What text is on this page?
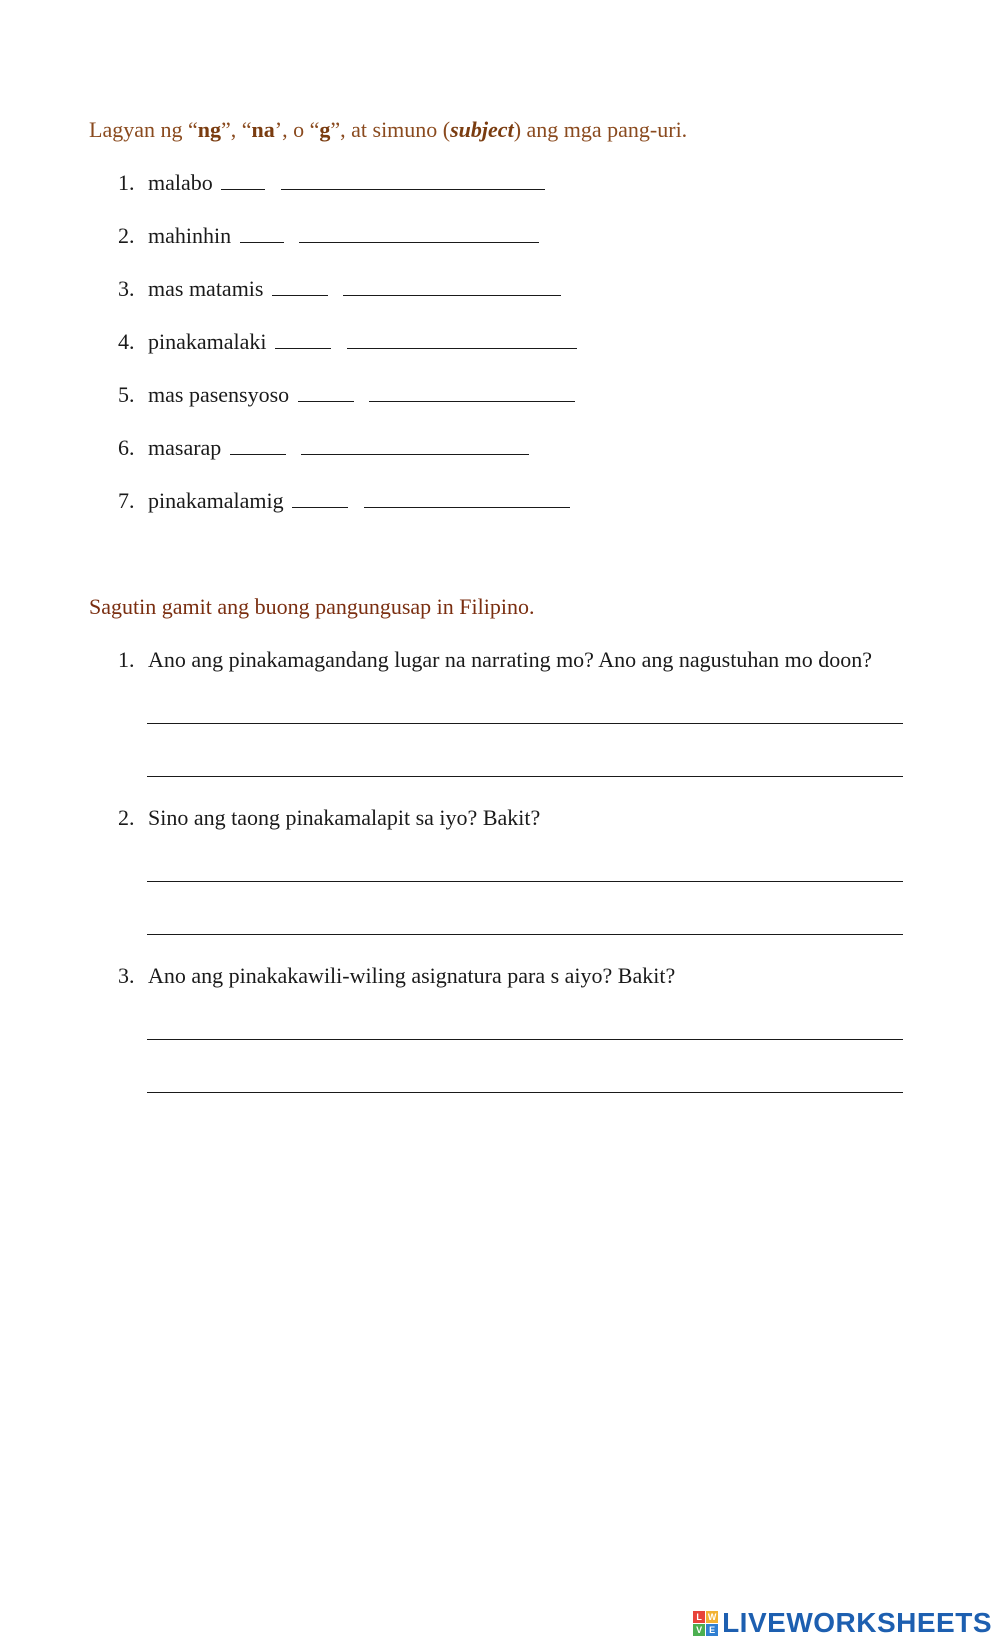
Lagyan ng “ng”, “na’, o “g”, at simuno (subject) ang mga pang-uri.
1. malabo
2. mahinhin
3. mas matamis
4. pinakamalaki
5. mas pasensyoso
6. masarap
7. pinakamalamig
Sagutin gamit ang buong pangungusap in Filipino.
1. Ano ang pinakamagandang lugar na narrating mo? Ano ang nagustuhan mo doon?
2. Sino ang taong pinakamalapit sa iyo? Bakit?
3. Ano ang pinakakawili-wiling asignatura para s aiyo? Bakit?
L W
V E LIVEWORKSHEETS
